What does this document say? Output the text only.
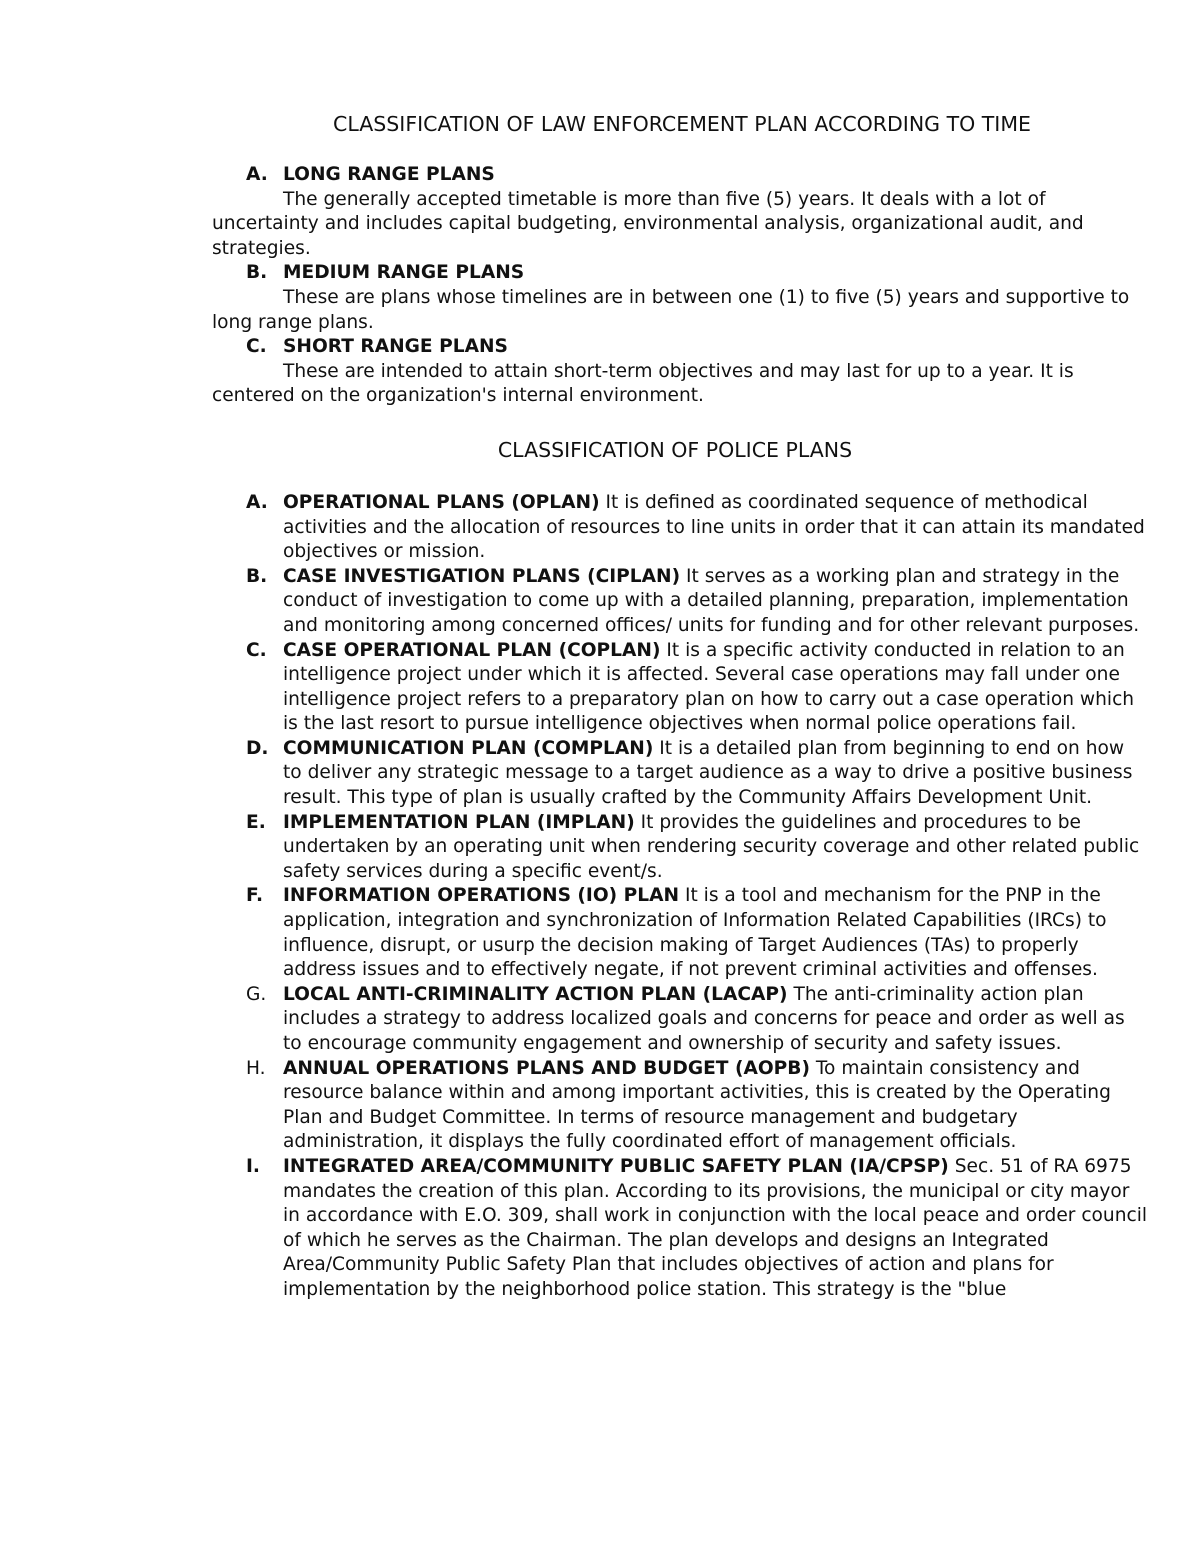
CLASSIFICATION OF LAW ENFORCEMENT PLAN ACCORDING TO TIME
A. LONG RANGE PLANS
The generally accepted timetable is more than five (5) years. It deals with a lot of uncertainty and includes capital budgeting, environmental analysis, organizational audit, and strategies.
B. MEDIUM RANGE PLANS
These are plans whose timelines are in between one (1) to five (5) years and supportive to long range plans.
C. SHORT RANGE PLANS
These are intended to attain short-term objectives and may last for up to a year. It is centered on the organization's internal environment.
CLASSIFICATION OF POLICE PLANS
A. OPERATIONAL PLANS (OPLAN) It is defined as coordinated sequence of methodical activities and the allocation of resources to line units in order that it can attain its mandated objectives or mission.
B. CASE INVESTIGATION PLANS (CIPLAN) It serves as a working plan and strategy in the conduct of investigation to come up with a detailed planning, preparation, implementation and monitoring among concerned offices/ units for funding and for other relevant purposes.
C. CASE OPERATIONAL PLAN (COPLAN) It is a specific activity conducted in relation to an intelligence project under which it is affected. Several case operations may fall under one intelligence project refers to a preparatory plan on how to carry out a case operation which is the last resort to pursue intelligence objectives when normal police operations fail.
D. COMMUNICATION PLAN (COMPLAN) It is a detailed plan from beginning to end on how to deliver any strategic message to a target audience as a way to drive a positive business result. This type of plan is usually crafted by the Community Affairs Development Unit.
E. IMPLEMENTATION PLAN (IMPLAN) It provides the guidelines and procedures to be undertaken by an operating unit when rendering security coverage and other related public safety services during a specific event/s.
F. INFORMATION OPERATIONS (IO) PLAN It is a tool and mechanism for the PNP in the application, integration and synchronization of Information Related Capabilities (IRCs) to influence, disrupt, or usurp the decision making of Target Audiences (TAs) to properly address issues and to effectively negate, if not prevent criminal activities and offenses.
G. LOCAL ANTI-CRIMINALITY ACTION PLAN (LACAP) The anti-criminality action plan includes a strategy to address localized goals and concerns for peace and order as well as to encourage community engagement and ownership of security and safety issues.
H. ANNUAL OPERATIONS PLANS AND BUDGET (AOPB) To maintain consistency and resource balance within and among important activities, this is created by the Operating Plan and Budget Committee. In terms of resource management and budgetary administration, it displays the fully coordinated effort of management officials.
I. INTEGRATED AREA/COMMUNITY PUBLIC SAFETY PLAN (IA/CPSP) Sec. 51 of RA 6975 mandates the creation of this plan. According to its provisions, the municipal or city mayor in accordance with E.O. 309, shall work in conjunction with the local peace and order council of which he serves as the Chairman. The plan develops and designs an Integrated Area/Community Public Safety Plan that includes objectives of action and plans for implementation by the neighborhood police station. This strategy is the "blue
